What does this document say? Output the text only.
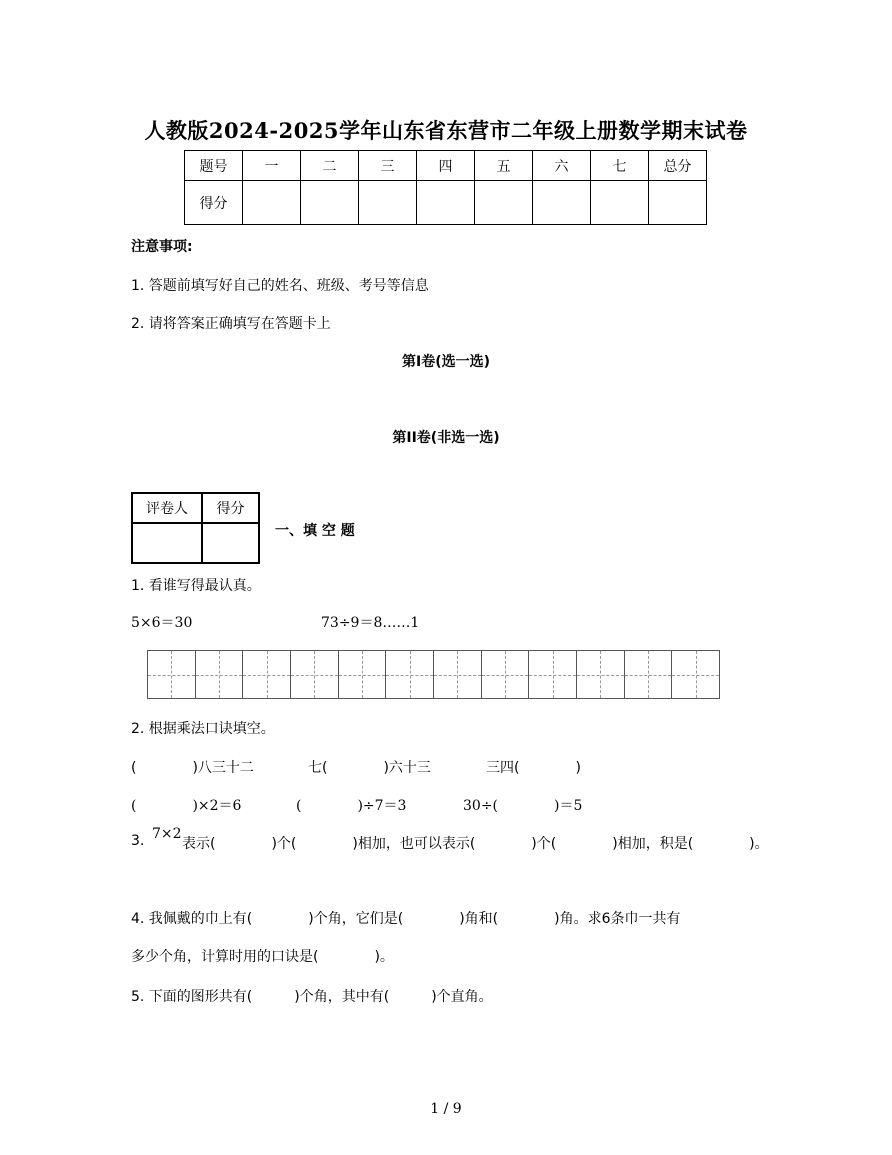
人教版2024-2025学年山东省东营市二年级上册数学期末试卷
题号	一	二	三	四	五	六	七	总分
得分								
注意事项:
1. 答题前填写好自己的姓名、班级、考号等信息
2. 请将答案正确填写在答题卡上
第I卷(选一选)
第II卷(非选一选)
评卷人	得分

一、填 空 题
1. 看谁写得最认真。
5×6＝30	73÷9＝8……1
2. 根据乘法口诀填空。
(　　　　)八三十二	七(　　　　)六十三	三四(　　　　)
(　　　　)×2＝6	(　　　　)÷7＝3	30÷(　　　　)＝5
3. 7×2
表示(　　　　)个(　　　　)相加，也可以表示(　　　　)个(　　　　)相加，积是(　　　　)。
4. 我佩戴的巾上有(　　　　)个角，它们是(　　　　)角和(　　　　)角。求6条巾一共有
多少个角，计算时用的口诀是(　　　　)。
5. 下面的图形共有(　　　)个角，其中有(　　　)个直角。
1 / 9
